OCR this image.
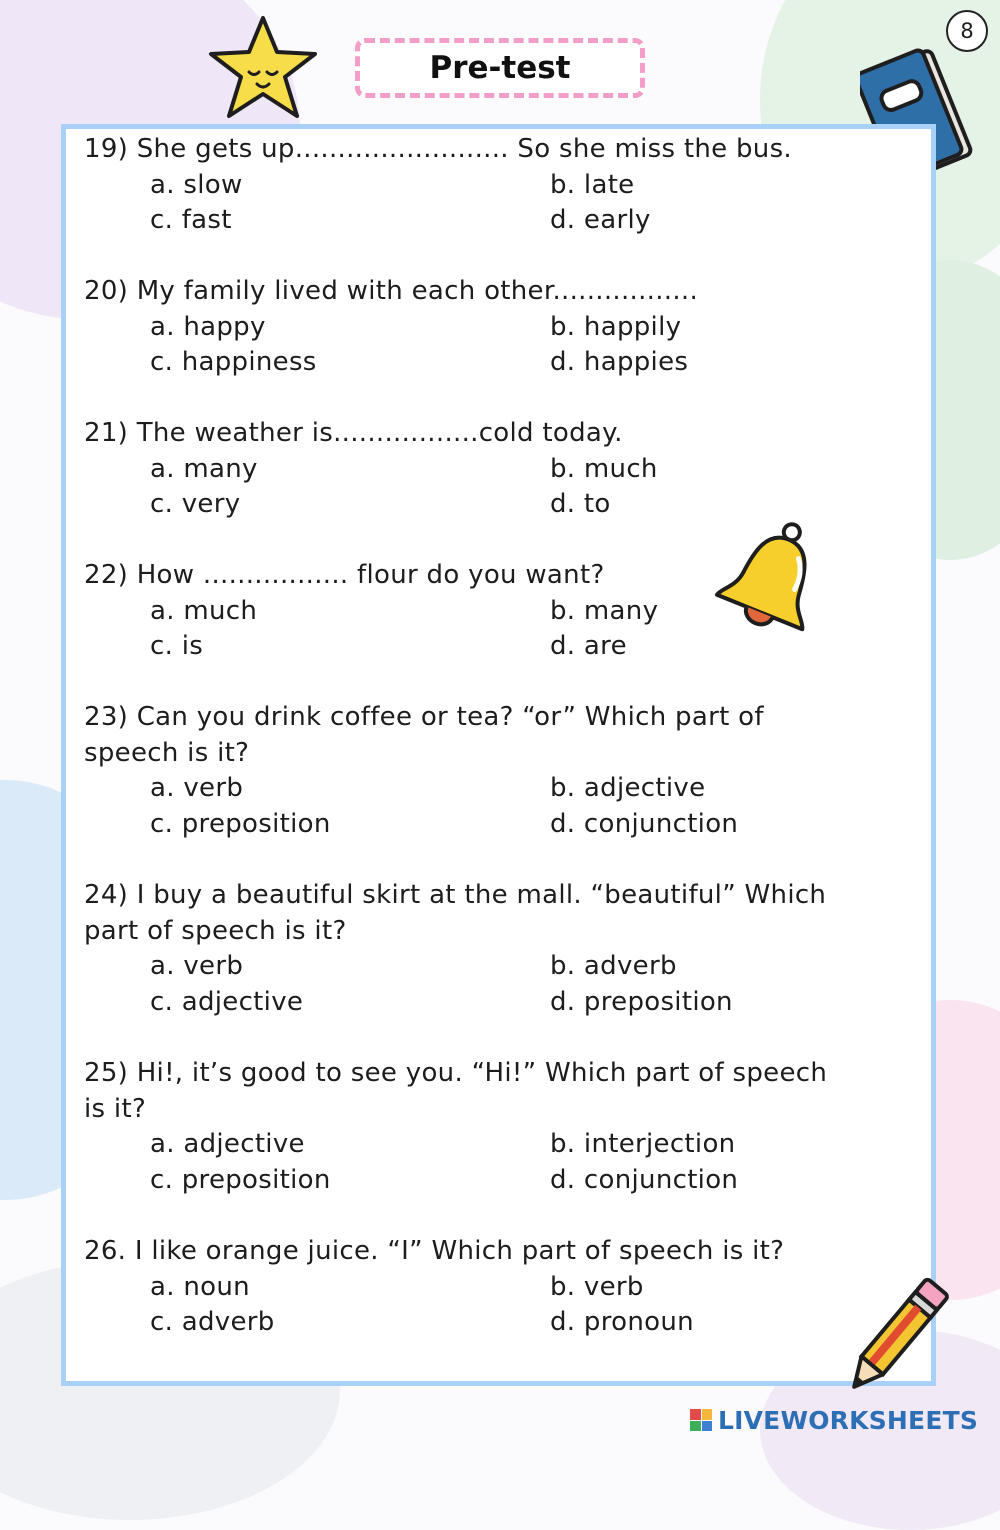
Pre-test
8

19) She gets up......................... So she miss the bus.

a. slow	b. late
c. fast	d. early

20) My family lived with each other.................

a. happy	b. happily
c. happiness	d. happies

21) The weather is.................cold today.

a. many	b. much
c. very	d. to

22) How ................. flour do you want?

a. much	b. many
c. is	d. are

23) Can you drink coffee or tea? “or” Which part of

speech is it?

a. verb	b. adjective
c. preposition	d. conjunction

24) I buy a beautiful skirt at the mall. “beautiful” Which

part of speech is it?

a. verb	b. adverb
c. adjective	d. preposition

25) Hi!, it’s good to see you. “Hi!” Which part of speech

is it?

a. adjective	b. interjection
c. preposition	d. conjunction

26. I like orange juice. “I” Which part of speech is it?

a. noun	b. verb
c. adverb	d. pronoun
LIVEWORKSHEETS
